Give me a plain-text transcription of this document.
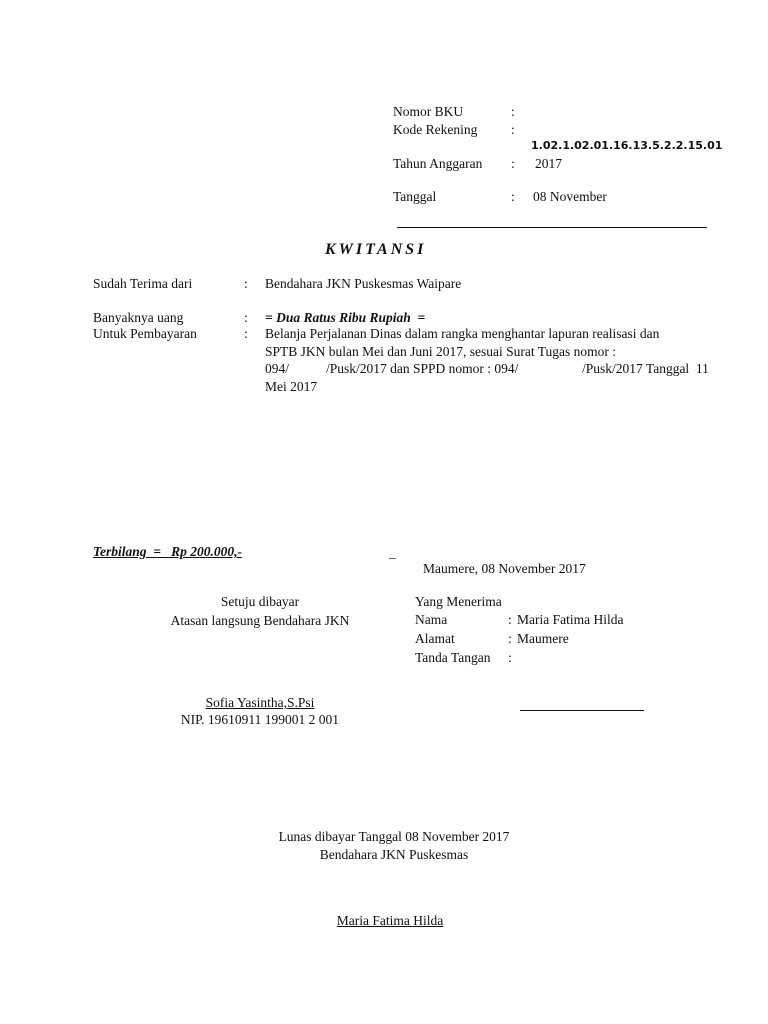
Nomor BKU	:
Kode Rekening :
1.02.1.02.01.16.13.5.2.2.15.01
Tahun Anggaran : 2017
Tanggal	: 08 November
KWITANSI
Sudah Terima dari	: Bendahara JKN Puskesmas Waipare
Banyaknya uang	: = Dua Ratus Ribu Rupiah  =
Untuk Pembayaran	: Belanja Perjalanan Dinas dalam rangka menghantar lapuran realisasi dan
SPTB JKN bulan Mei dan Juni 2017, sesuai Surat Tugas nomor :
094/	/Pusk/2017 dan SPPD nomor : 094/	/Pusk/2017 Tanggal  11
Mei 2017
Terbilang  =   Rp 200.000,-	_
Maumere, 08 November 2017
Setuju dibayar
Atasan langsung Bendahara JKN
Sofia Yasintha,S.Psi
NIP. 19610911 199001 2 001
Yang Menerima
Nama	: Maria Fatima Hilda
Alamat	: Maumere
Tanda Tangan :
Lunas dibayar Tanggal 08 November 2017
Bendahara JKN Puskesmas
Maria Fatima Hilda
